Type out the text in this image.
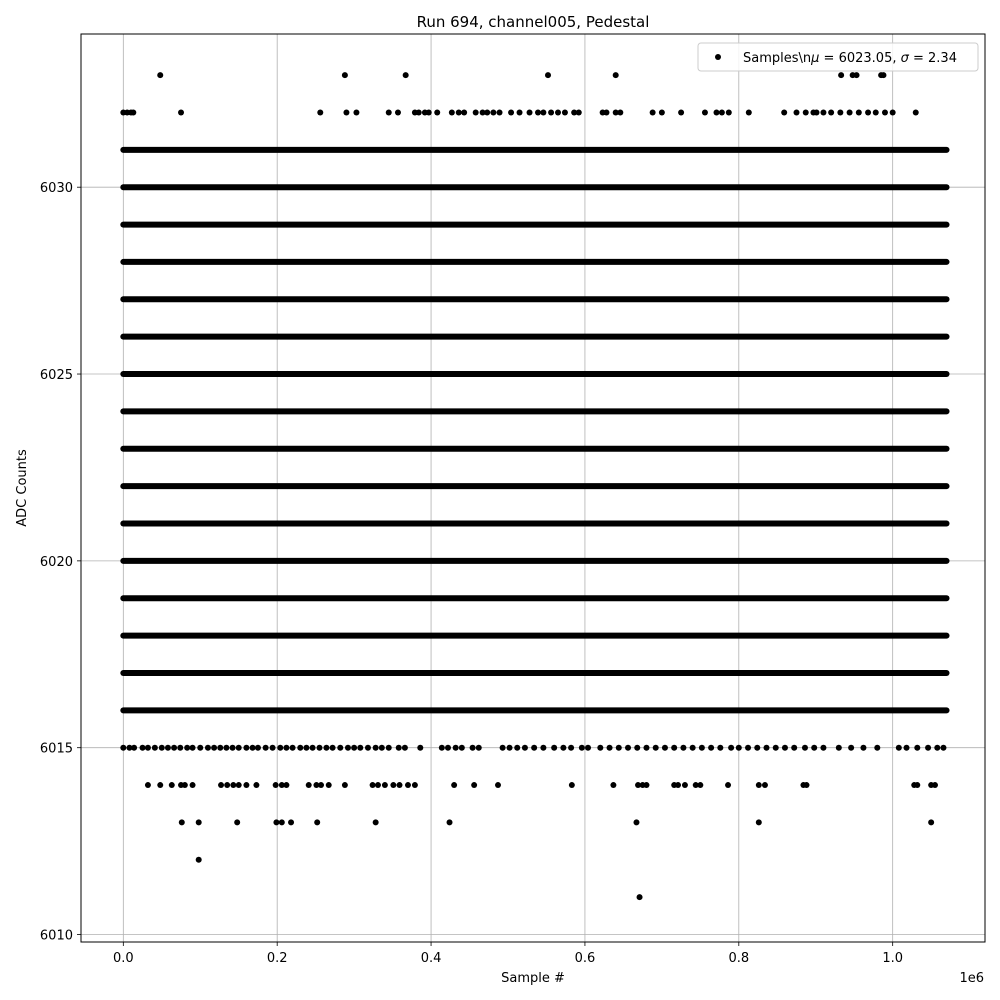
0.0	0.2	0.4	0.6	0.8	1.0
6010
6015
6020
6025
6030
Run 694, channel005, Pedestal
Sample #
ADC Counts
1e6
Samples\nμ = 6023.05, σ = 2.34
